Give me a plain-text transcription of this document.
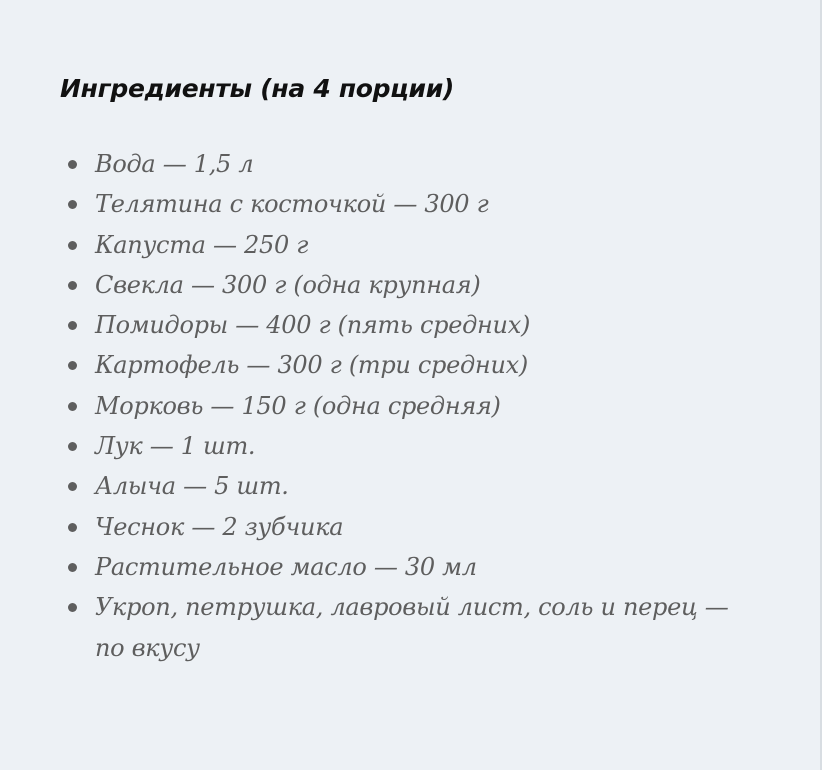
Ингредиенты (на 4 порции)
Вода — 1,5 л
Телятина с косточкой — 300 г
Капуста — 250 г
Свекла — 300 г (одна крупная)
Помидоры — 400 г (пять средних)
Картофель — 300 г (три средних)
Морковь — 150 г (одна средняя)
Лук — 1 шт.
Алыча — 5 шт.
Чеснок — 2 зубчика
Растительное масло — 30 мл
Укроп, петрушка, лавровый лист, соль и перец — по вкусу
